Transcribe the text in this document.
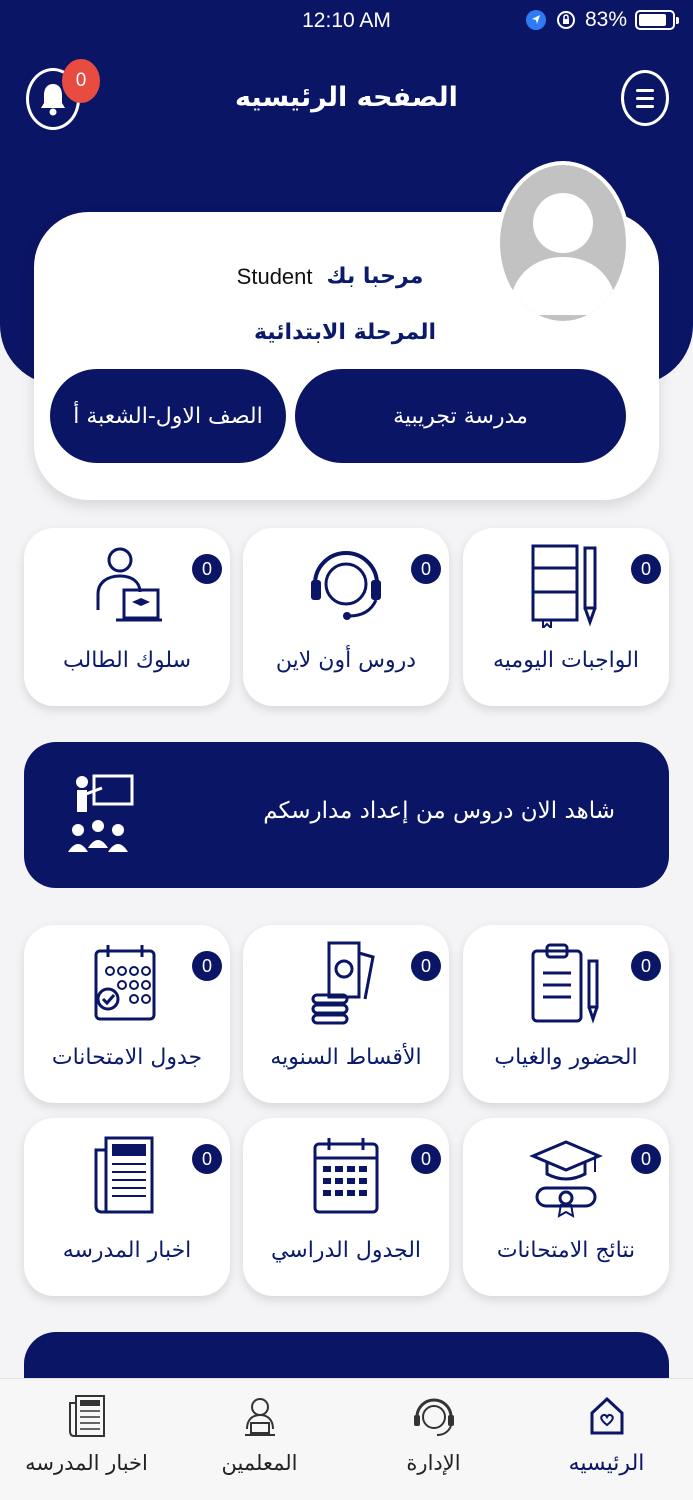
12:10 AM	83%
الصفحه الرئيسيه
0
مرحبا بك
Student
المرحلة الابتدائية
مدرسة تجريبية
الصف الاول-الشعبة أ
الواجبات اليوميه
0
دروس أون لاين
0
سلوك الطالب
0
شاهد الان دروس من إعداد مدارسكم
الحضور والغياب
0
الأقساط السنويه
0
جدول الامتحانات
0
نتائج الامتحانات
0
الجدول الدراسي
0
اخبار المدرسه
0
الرئيسيه
الإدارة
المعلمين
اخبار المدرسه
